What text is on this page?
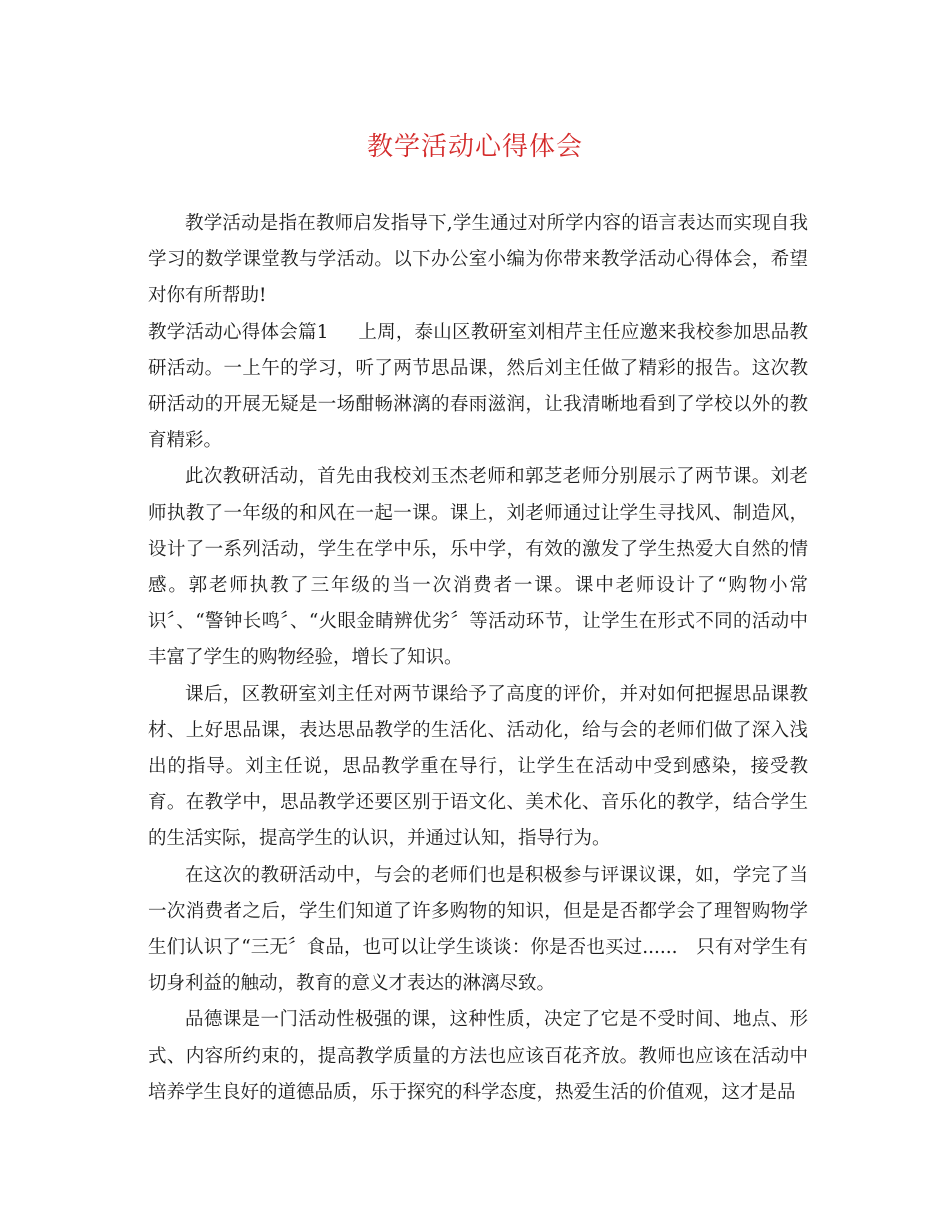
教学活动心得体会

教学活动是指在教师启发指导下,学生通过对所学内容的语言表达而实现自我学习的数学课堂教与学活动。以下办公室小编为你带来教学活动心得体会，希望对你有所帮助!

教学活动心得体会篇1 上周，泰山区教研室刘相芹主任应邀来我校参加思品教研活动。一上午的学习，听了两节思品课，然后刘主任做了精彩的报告。这次教研活动的开展无疑是一场酣畅淋漓的春雨滋润，让我清晰地看到了学校以外的教育精彩。

此次教研活动，首先由我校刘玉杰老师和郭芝老师分别展示了两节课。刘老师执教了一年级的和风在一起一课。课上，刘老师通过让学生寻找风、制造风，设计了一系列活动，学生在学中乐，乐中学，有效的激发了学生热爱大自然的情感。郭老师执教了三年级的当一次消费者一课。课中老师设计了“购物小常识〞、“警钟长鸣〞、“火眼金睛辨优劣〞等活动环节，让学生在形式不同的活动中丰富了学生的购物经验，增长了知识。

课后，区教研室刘主任对两节课给予了高度的评价，并对如何把握思品课教材、上好思品课，表达思品教学的生活化、活动化，给与会的老师们做了深入浅出的指导。刘主任说，思品教学重在导行，让学生在活动中受到感染，接受教育。在教学中，思品教学还要区别于语文化、美术化、音乐化的教学，结合学生的生活实际，提高学生的认识，并通过认知，指导行为。

在这次的教研活动中，与会的老师们也是积极参与评课议课，如，学完了当一次消费者之后，学生们知道了许多购物的知识，但是是否都学会了理智购物学生们认识了“三无〞食品，也可以让学生谈谈：你是否也买过......　只有对学生有切身利益的触动，教育的意义才表达的淋漓尽致。

品德课是一门活动性极强的课，这种性质，决定了它是不受时间、地点、形式、内容所约束的，提高教学质量的方法也应该百花齐放。教师也应该在活动中培养学生良好的道德品质，乐于探究的科学态度，热爱生活的价值观，这才是品
